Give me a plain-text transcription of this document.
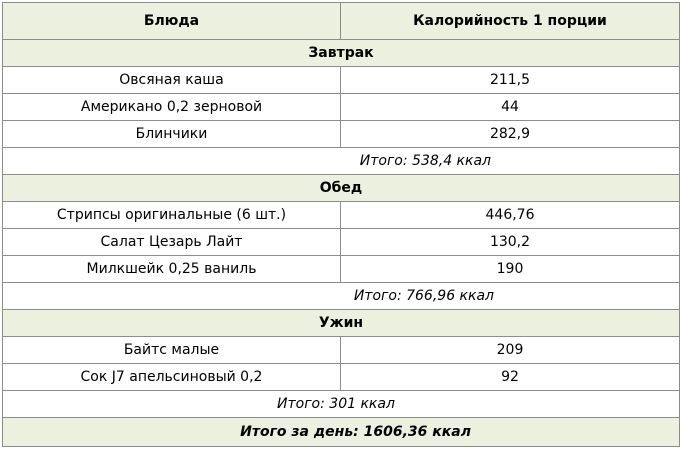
Блюда	Калорийность 1 порции
Завтрак	
Овсяная каша	211,5
Американо 0,2 зерновой	44
Блинчики	282,9
Итого: 538,4 ккал	
Обед	
Стрипсы оригинальные (6 шт.)	446,76
Салат Цезарь Лайт	130,2
Милкшейк 0,25 ваниль	190
Итого: 766,96 ккал	
Ужин	
Байтс малые	209
Сок J7 апельсиновый 0,2	92
Итого: 301 ккал	
Итого за день: 1606,36 ккал	
